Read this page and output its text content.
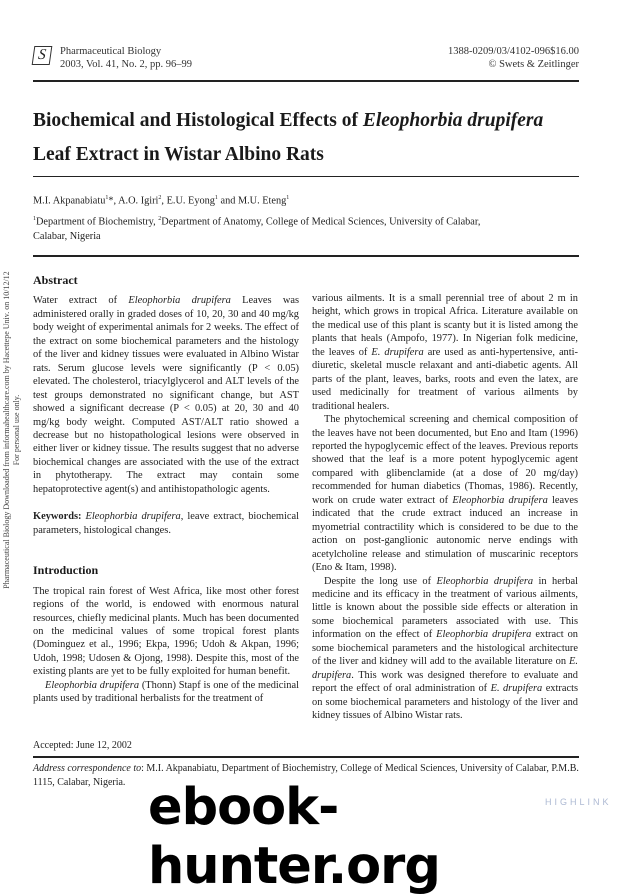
S	Pharmaceutical Biology
2003, Vol. 41, No. 2, pp. 96–99
1388-0209/03/4102-096$16.00
© Swets & Zeitlinger
Biochemical and Histological Effects of Eleophorbia drupifera
Leaf Extract in Wistar Albino Rats
M.I. Akpanabiatu$^1$*, A.O. Igiri$^2$, E.U. Eyong$^1$ and M.U. Eteng$^1$
$^1$Department of Biochemistry, $^2$Department of Anatomy, College of Medical Sciences, University of Calabar, Calabar, Nigeria
Pharmaceutical Biology Downloaded from informahealthcare.com by Hacettepe Univ. on 10/12/12 For personal use only.
Abstract

Water extract of Eleophorbia drupifera Leaves was administered orally in graded doses of 10, 20, 30 and 40 mg/kg body weight of experimental animals for 2 weeks. The effect of the extract on some biochemical parameters and the histology of the liver and kidney tissues were evaluated in Albino Wistar rats. Serum glucose levels were significantly (P < 0.05) elevated. The cholesterol, triacylglycerol and ALT levels of the test groups demonstrated no significant change, but AST showed a significant decrease (P < 0.05) at 20, 30 and 40 mg/kg body weight. Computed AST/ALT ratio showed a decrease but no histopathological lesions were observed in either liver or kidney tissue. The results suggest that no adverse biochemical changes are associated with the use of the extract in phytotherapy. The extract may contain some hepatoprotective agent(s) and antihistopathologic agents.

Keywords: Eleophorbia drupifera, leave extract, biochemical parameters, histological changes.

Introduction

The tropical rain forest of West Africa, like most other forest regions of the world, is endowed with enormous natural resources, chiefly medicinal plants. Much has been documented on the medicinal values of some tropical forest plants (Dominguez et al., 1996; Ekpa, 1996; Udoh & Akpan, 1996; Udoh, 1998; Udosen & Ojong, 1998). Despite this, most of the existing plants are yet to be fully exploited for human benefit.

Eleophorbia drupifera (Thonn) Stapf is one of the medicinal plants used by traditional herbalists for the treatment of

various ailments. It is a small perennial tree of about 2 m in height, which grows in tropical Africa. Literature available on the medical use of this plant is scanty but it is listed among the plants that heals (Ampofo, 1977). In Nigerian folk medicine, the leaves of E. drupifera are used as anti-hypertensive, anti-diuretic, skeletal muscle relaxant and anti-diabetic agents. All parts of the plant, leaves, barks, roots and even the latex, are used medicinally for treatment of various ailments by traditional healers.

The phytochemical screening and chemical composition of the leaves have not been documented, but Eno and Itam (1996) reported the hypoglycemic effect of the leaves. Previous reports showed that the leaf is a more potent hypoglycemic agent compared with glibenclamide (at a dose of 20 mg/day) recommended for human diabetics (Thomas, 1986). Recently, work on crude water extract of Eleophorbia drupifera leaves indicated that the crude extract induced an increase in myometrial contractility which is considered to be due to the action on post-ganglionic autonomic nerve endings with acetylcholine release and stimulation of muscarinic receptors (Eno & Itam, 1998).

Despite the long use of Eleophorbia drupifera in herbal medicine and its efficacy in the treatment of various ailments, little is known about the possible side effects or alteration in some biochemical parameters associated with use. This information on the effect of Eleophorbia drupifera extract on some biochemical parameters and the histological architecture of the liver and kidney will add to the available literature on E. drupifera. This work was designed therefore to evaluate and report the effect of oral administration of E. drupifera extracts on some biochemical parameters and histology of the liver and kidney tissues of Albino Wistar rats.

Accepted: June 12, 2002
Address correspondence to: M.I. Akpanabiatu, Department of Biochemistry, College of Medical Sciences, University of Calabar, P.M.B. 1115, Calabar, Nigeria.
HIGHLINK
ebook-hunter.org
